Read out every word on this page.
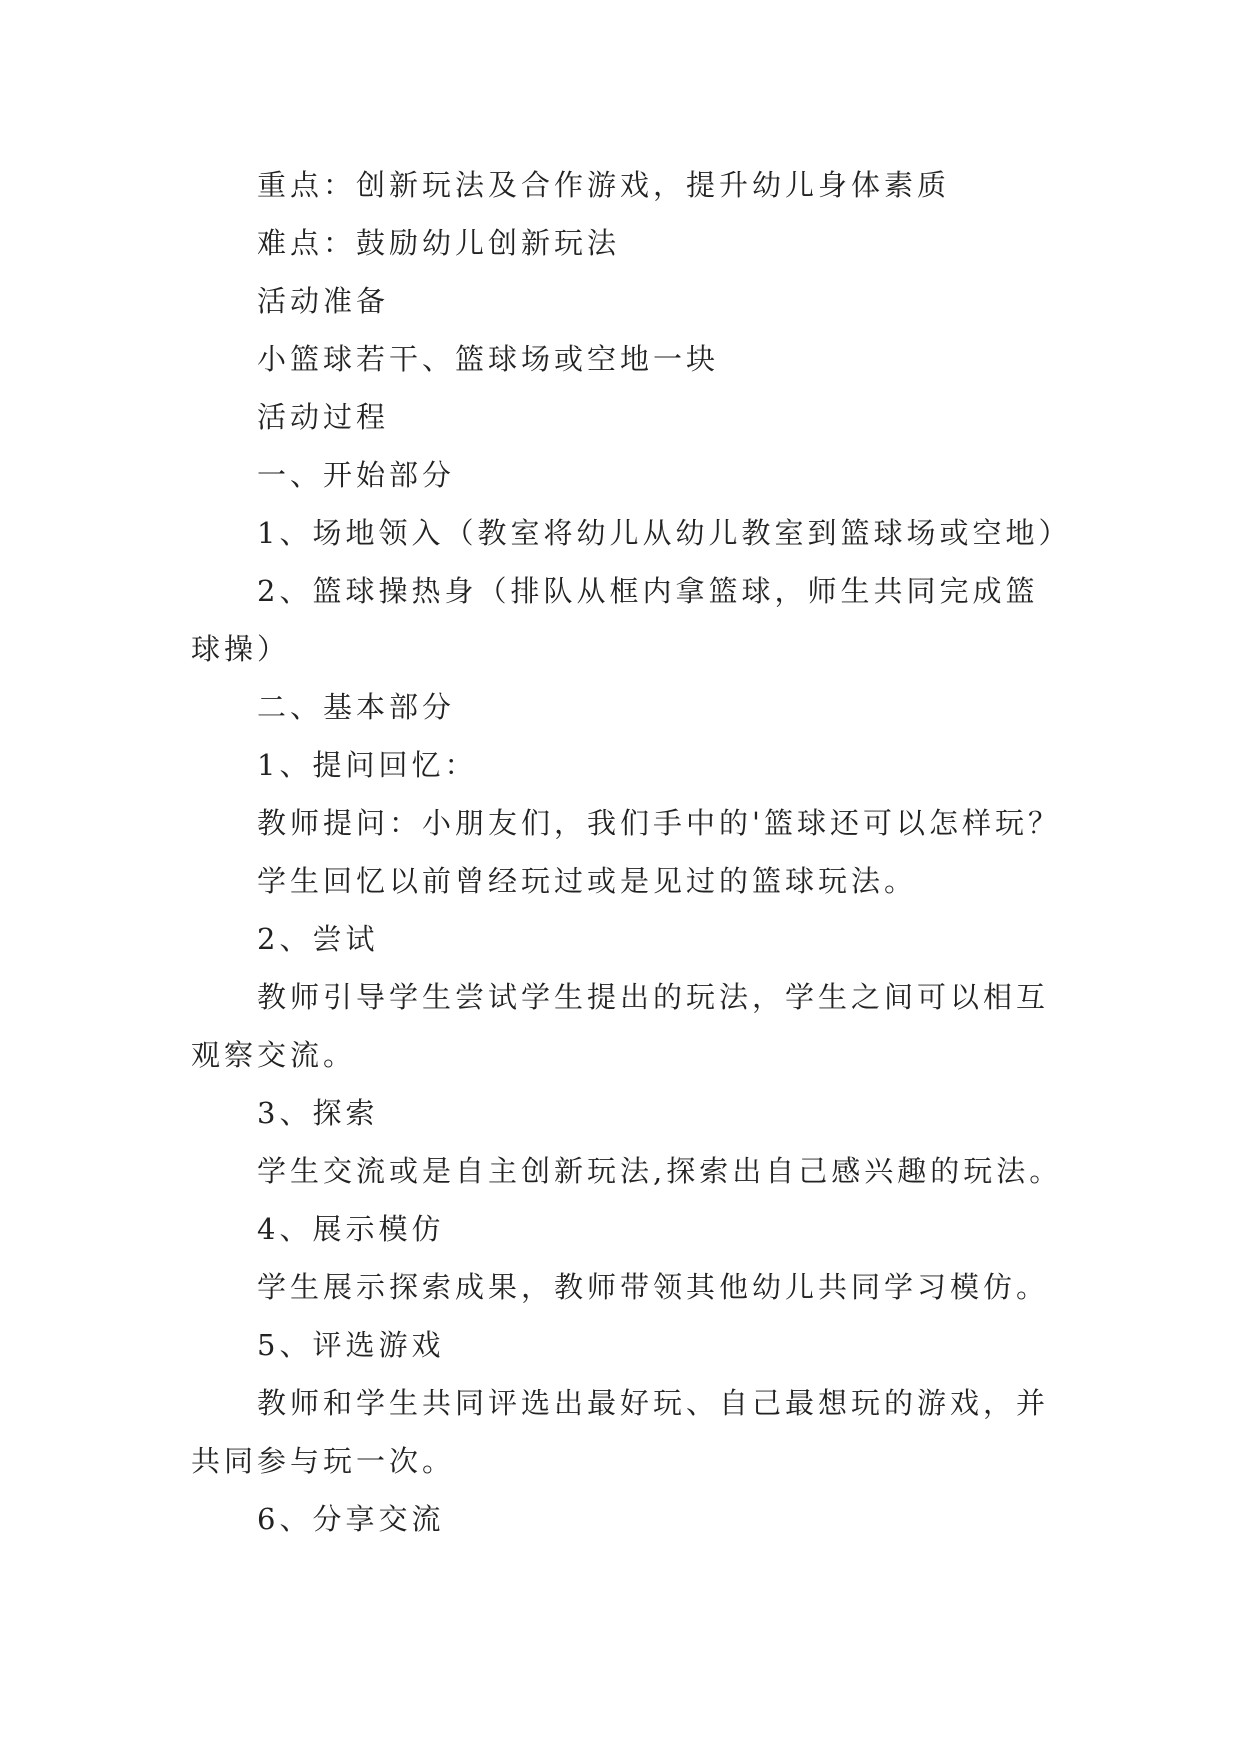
重点：创新玩法及合作游戏，提升幼儿身体素质
难点：鼓励幼儿创新玩法
活动准备
小篮球若干、篮球场或空地一块
活动过程
一、开始部分
1、场地领入（教室将幼儿从幼儿教室到篮球场或空地）
2、篮球操热身（排队从框内拿篮球，师生共同完成篮
球操）
二、基本部分
1、提问回忆：
教师提问：小朋友们，我们手中的'篮球还可以怎样玩？
学生回忆以前曾经玩过或是见过的篮球玩法。
2、尝试
教师引导学生尝试学生提出的玩法，学生之间可以相互
观察交流。
3、探索
学生交流或是自主创新玩法,探索出自己感兴趣的玩法。
4、展示模仿
学生展示探索成果，教师带领其他幼儿共同学习模仿。
5、评选游戏
教师和学生共同评选出最好玩、自己最想玩的游戏，并
共同参与玩一次。
6、分享交流
